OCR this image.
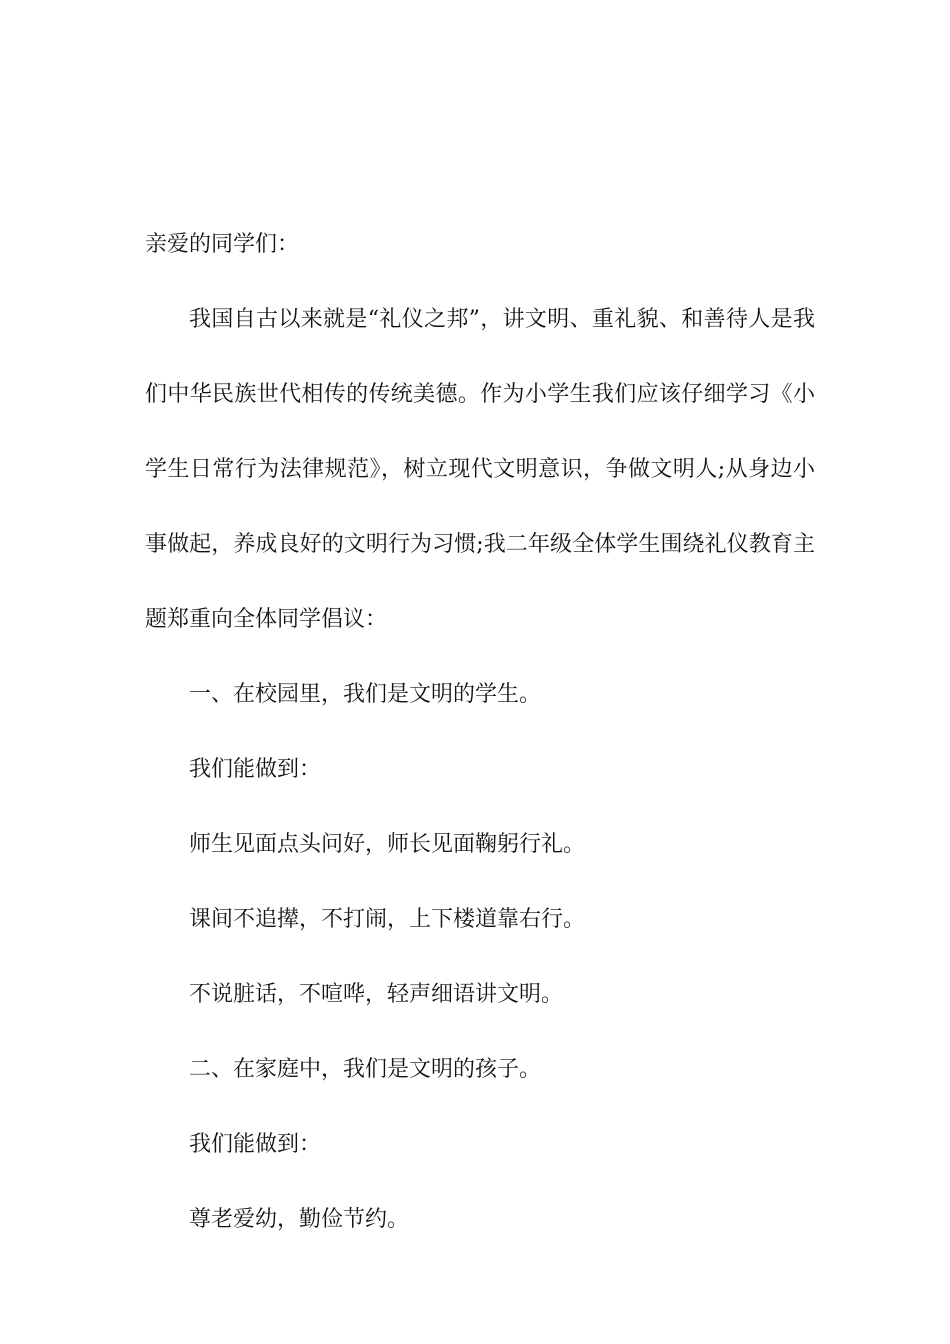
亲爱的同学们：

我国自古以来就是“礼仪之邦”，讲文明、重礼貌、和善待人是我们中华民族世代相传的传统美德。作为小学生我们应该仔细学习《小学生日常行为法律规范》，树立现代文明意识，争做文明人;从身边小事做起，养成良好的文明行为习惯;我二年级全体学生围绕礼仪教育主题郑重向全体同学倡议：

一、在校园里，我们是文明的学生。

我们能做到：

师生见面点头问好，师长见面鞠躬行礼。

课间不追撵，不打闹，上下楼道靠右行。

不说脏话，不喧哗，轻声细语讲文明。

二、在家庭中，我们是文明的孩子。

我们能做到：

尊老爱幼，勤俭节约。
